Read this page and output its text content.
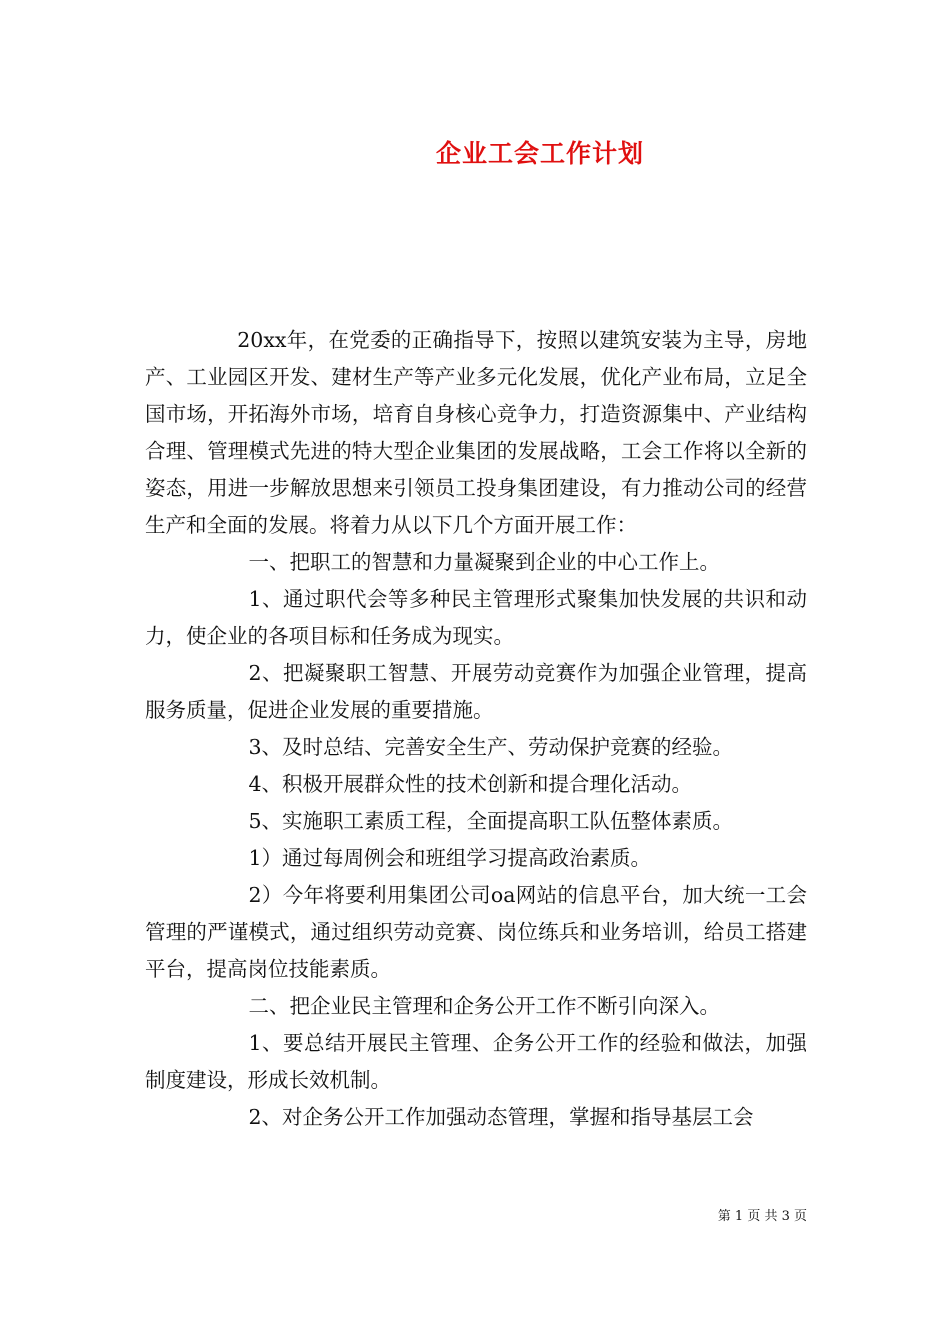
企业工会工作计划

20xx年，在党委的正确指导下，按照以建筑安装为主导，房地产、工业园区开发、建材生产等产业多元化发展，优化产业布局，立足全国市场，开拓海外市场，培育自身核心竞争力，打造资源集中、产业结构合理、管理模式先进的特大型企业集团的发展战略，工会工作将以全新的姿态，用进一步解放思想来引领员工投身集团建设，有力推动公司的经营生产和全面的发展。将着力从以下几个方面开展工作：

一、把职工的智慧和力量凝聚到企业的中心工作上。

1、通过职代会等多种民主管理形式聚集加快发展的共识和动力，使企业的各项目标和任务成为现实。

2、把凝聚职工智慧、开展劳动竞赛作为加强企业管理，提高服务质量，促进企业发展的重要措施。

3、及时总结、完善安全生产、劳动保护竞赛的经验。

4、积极开展群众性的技术创新和提合理化活动。

5、实施职工素质工程，全面提高职工队伍整体素质。

1）通过每周例会和班组学习提高政治素质。

2）今年将要利用集团公司oa网站的信息平台，加大统一工会管理的严谨模式，通过组织劳动竞赛、岗位练兵和业务培训，给员工搭建平台，提高岗位技能素质。

二、把企业民主管理和企务公开工作不断引向深入。

1、要总结开展民主管理、企务公开工作的经验和做法，加强制度建设，形成长效机制。

2、对企务公开工作加强动态管理，掌握和指导基层工会

第 1 页 共 3 页
